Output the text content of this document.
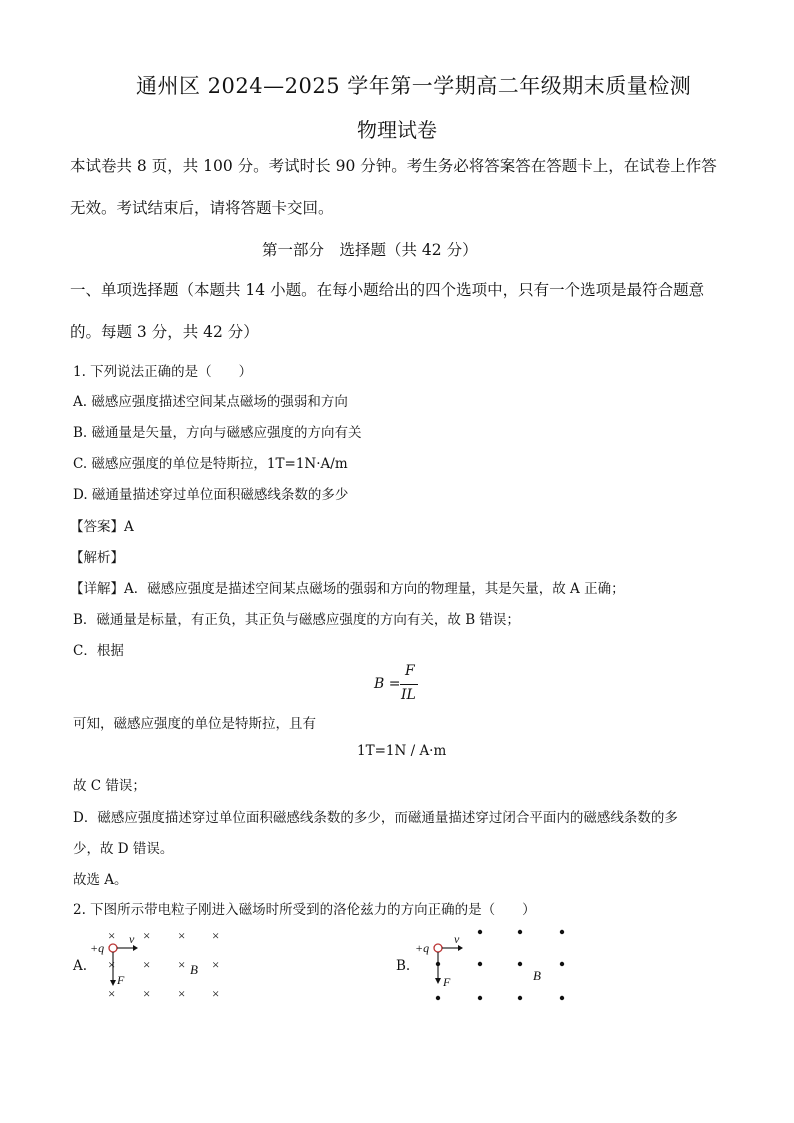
通州区 2024—2025 学年第一学期高二年级期末质量检测
物理试卷
本试卷共 8 页，共 100 分。考试时长 90 分钟。考生务必将答案答在答题卡上，在试卷上作答
无效。考试结束后，请将答题卡交回。
第一部分　选择题（共 42 分）
一、单项选择题（本题共 14 小题。在每小题给出的四个选项中，只有一个选项是最符合题意
的。每题 3 分，共 42 分）
1. 下列说法正确的是（　　）
A. 磁感应强度描述空间某点磁场的强弱和方向
B. 磁通量是矢量，方向与磁感应强度的方向有关
C. 磁感应强度的单位是特斯拉，1T=1N·A/m
D. 磁通量描述穿过单位面积磁感线条数的多少
【答案】A
【解析】
【详解】A．磁感应强度是描述空间某点磁场的强弱和方向的物理量，其是矢量，故 A 正确；
B．磁通量是标量，有正负，其正负与磁感应强度的方向有关，故 B 错误；
C．根据
B =
F
IL
可知，磁感应强度的单位是特斯拉，且有
1T=1N / A·m
故 C 错误；
D．磁感应强度描述穿过单位面积磁感线条数的多少，而磁通量描述穿过闭合平面内的磁感线条数的多
少，故 D 错误。
故选 A。
2. 下图所示带电粒子刚进入磁场时所受到的洛伦兹力的方向正确的是（　　）
A.
× × × ×
× × × ×
× × × ×
+q
v
F
B	B.
+q
v
F	B
